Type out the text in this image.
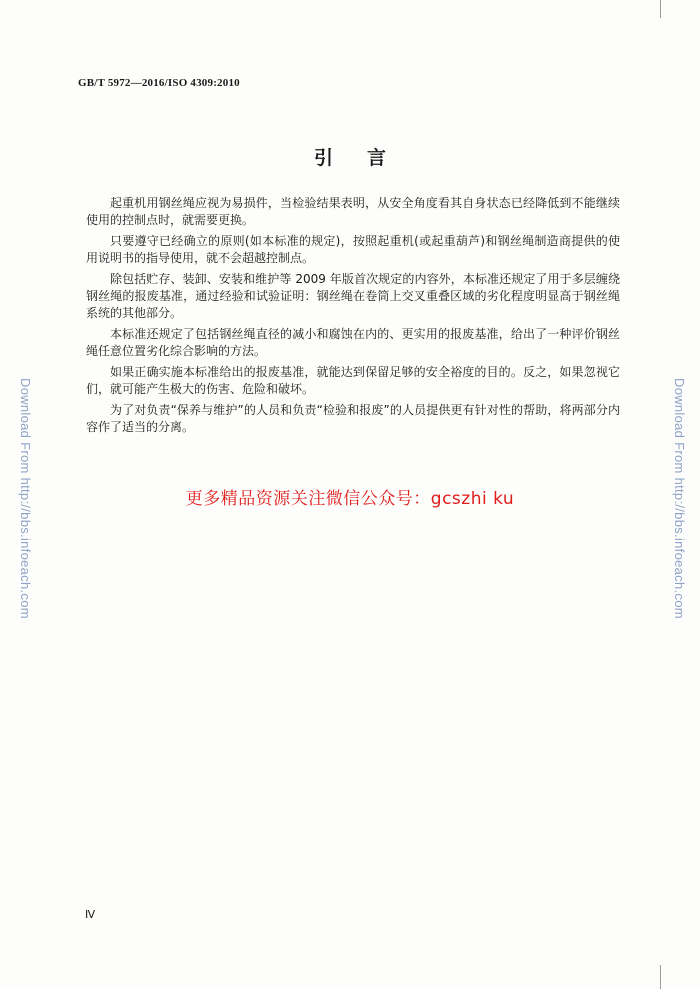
GB/T 5972—2016/ISO 4309:2010
引言

起重机用钢丝绳应视为易损件，当检验结果表明，从安全角度看其自身状态已经降低到不能继续使用的控制点时，就需要更换。

只要遵守已经确立的原则(如本标准的规定)，按照起重机(或起重葫芦)和钢丝绳制造商提供的使用说明书的指导使用，就不会超越控制点。

除包括贮存、装卸、安装和维护等 2009 年版首次规定的内容外，本标准还规定了用于多层缠绕钢丝绳的报废基准，通过经验和试验证明：钢丝绳在卷筒上交叉重叠区域的劣化程度明显高于钢丝绳系统的其他部分。

本标准还规定了包括钢丝绳直径的减小和腐蚀在内的、更实用的报废基准，给出了一种评价钢丝绳任意位置劣化综合影响的方法。

如果正确实施本标准给出的报废基准，就能达到保留足够的安全裕度的目的。反之，如果忽视它们，就可能产生极大的伤害、危险和破坏。

为了对负责“保养与维护”的人员和负责“检验和报废”的人员提供更有针对性的帮助，将两部分内容作了适当的分离。

更多精品资源关注微信公众号：gcszhi ku
Download From http://bbs.infoeach.com	Download From http://bbs.infoeach.com
Ⅳ
